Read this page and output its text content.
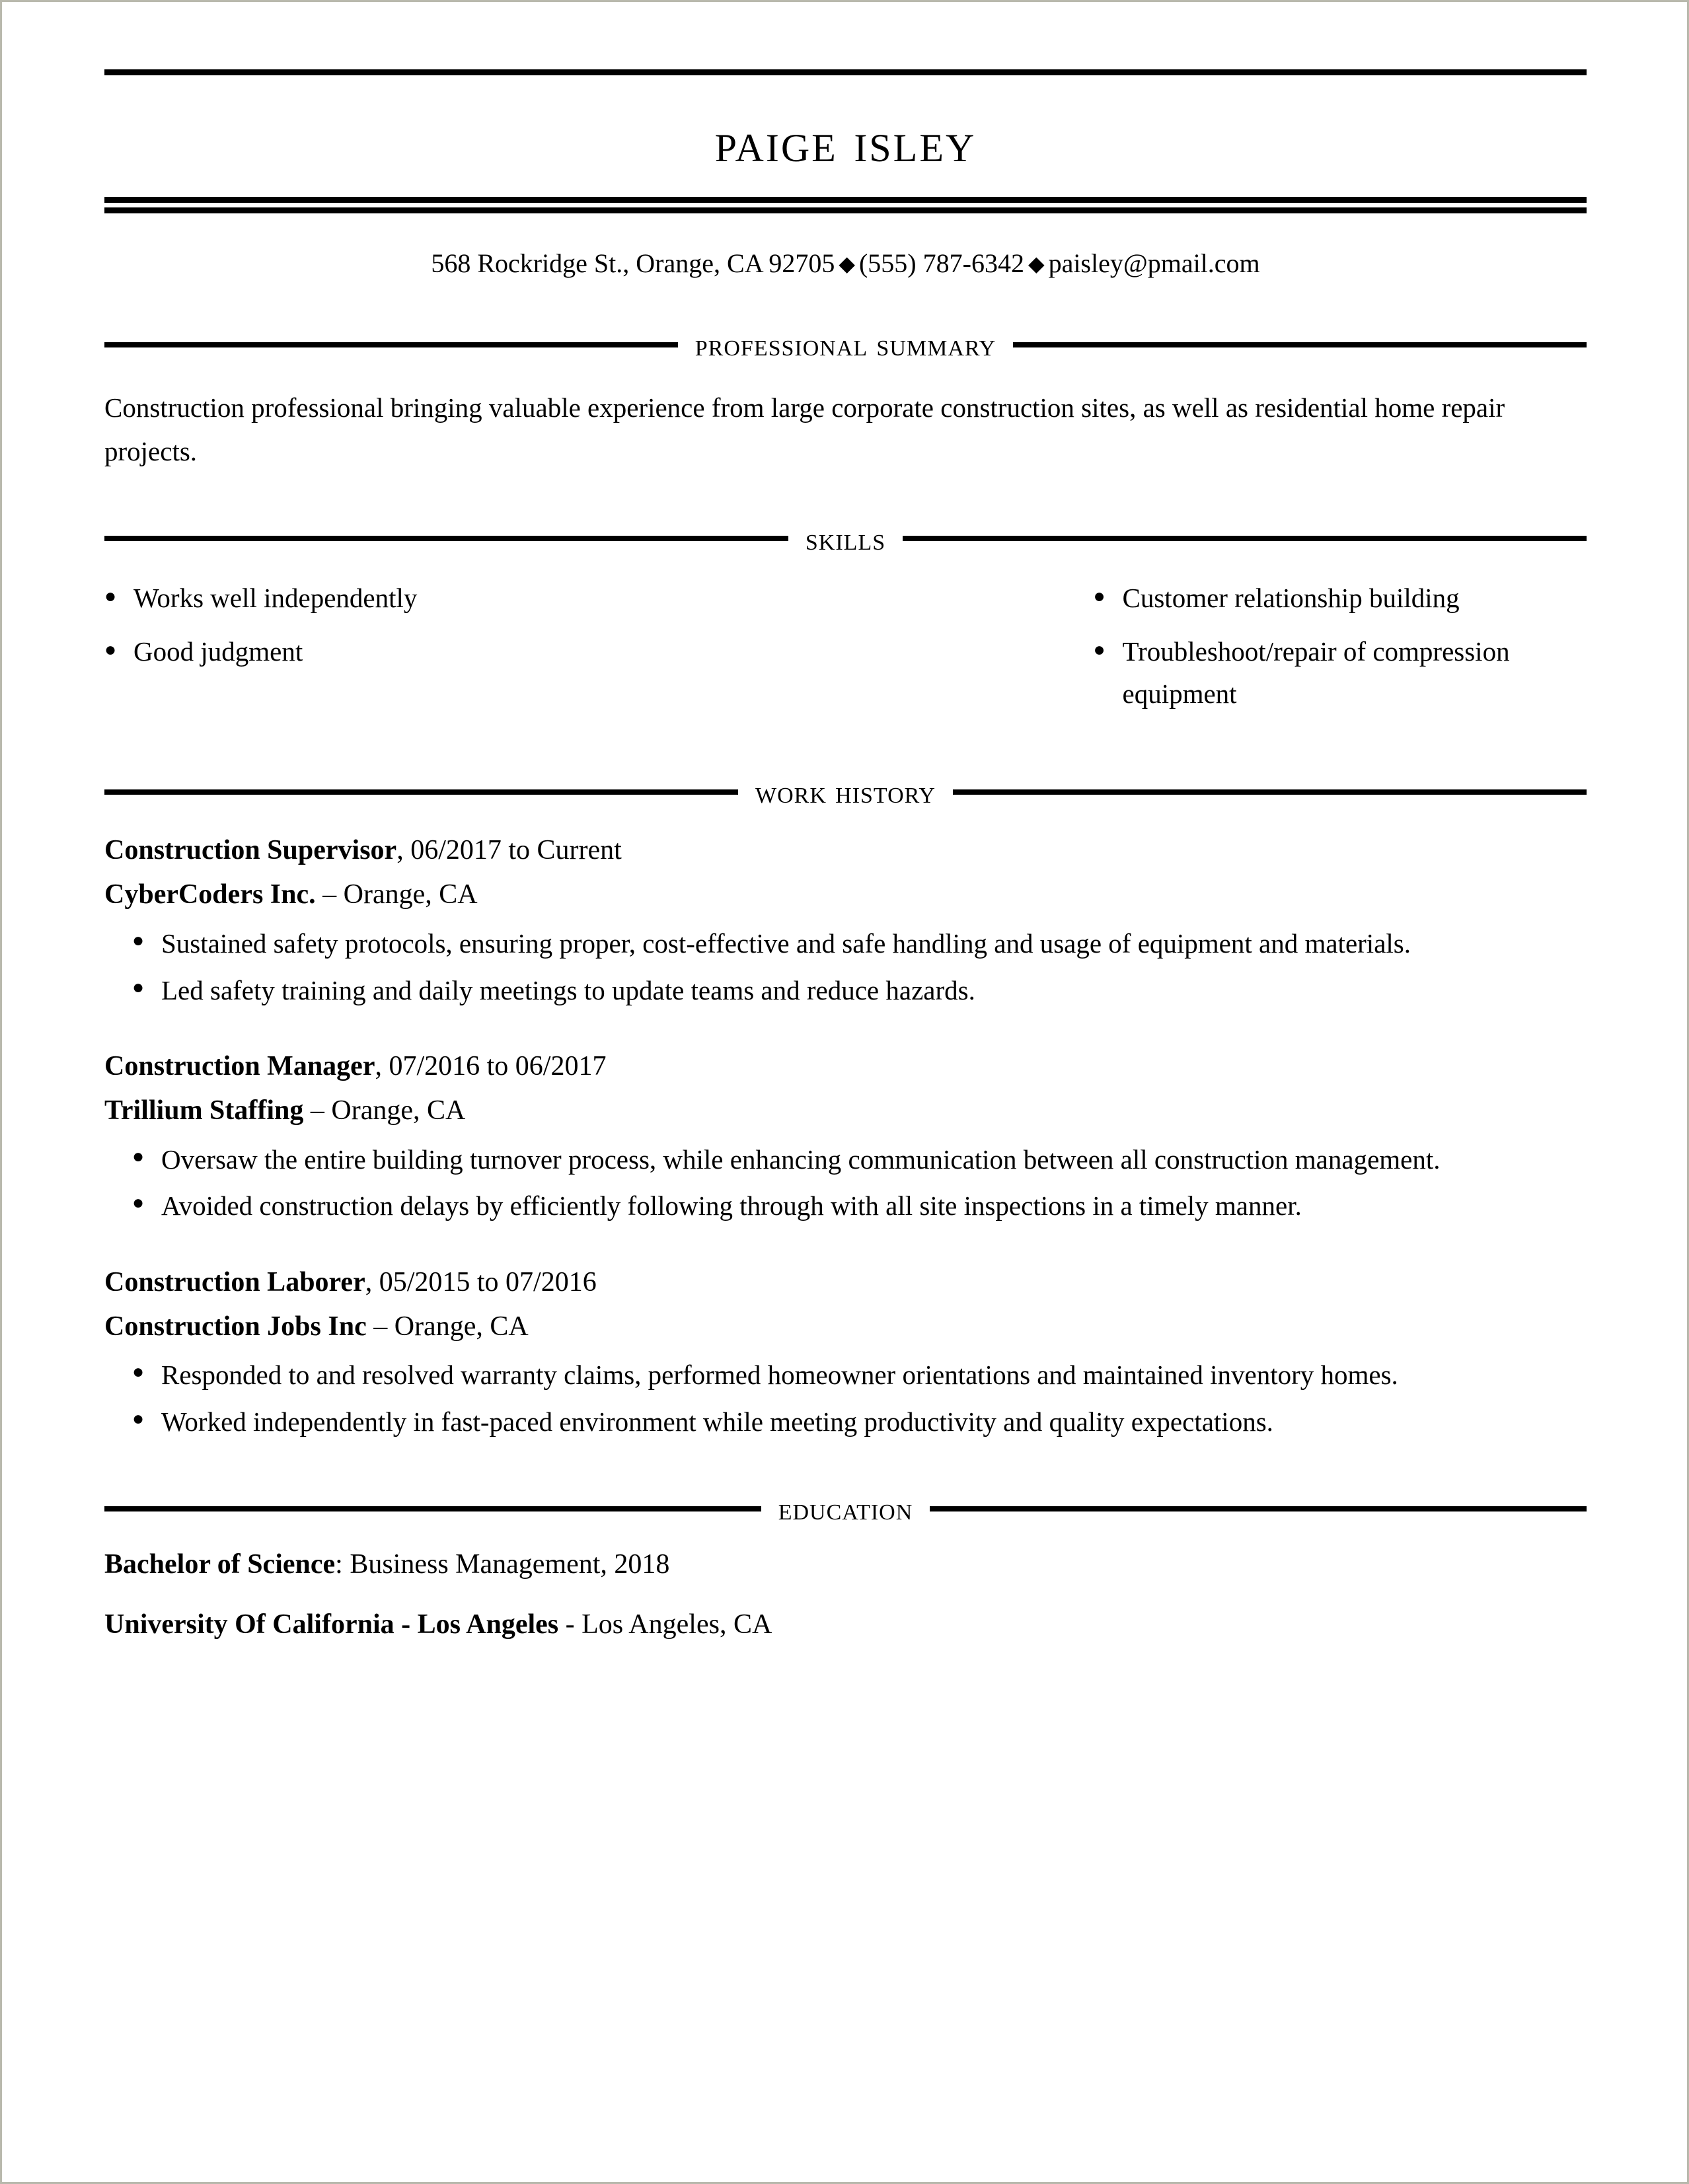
paige isley
568 Rockridge St., Orange, CA 92705 ◆ (555) 787-6342 ◆ paisley@pmail.com
professional summary
Construction professional bringing valuable experience from large corporate construction sites, as well as residential home repair projects.
skills
● Works well independently
● Good judgment
● Customer relationship building
● Troubleshoot/repair of compression equipment
work history
Construction Supervisor, 06/2017 to Current
CyberCoders Inc. – Orange, CA
● Sustained safety protocols, ensuring proper, cost-effective and safe handling and usage of equipment and materials.
● Led safety training and daily meetings to update teams and reduce hazards.
Construction Manager, 07/2016 to 06/2017
Trillium Staffing – Orange, CA
● Oversaw the entire building turnover process, while enhancing communication between all construction management.
● Avoided construction delays by efficiently following through with all site inspections in a timely manner.
Construction Laborer, 05/2015 to 07/2016
Construction Jobs Inc – Orange, CA
● Responded to and resolved warranty claims, performed homeowner orientations and maintained inventory homes.
● Worked independently in fast-paced environment while meeting productivity and quality expectations.
education
Bachelor of Science: Business Management, 2018
University Of California - Los Angeles - Los Angeles, CA
